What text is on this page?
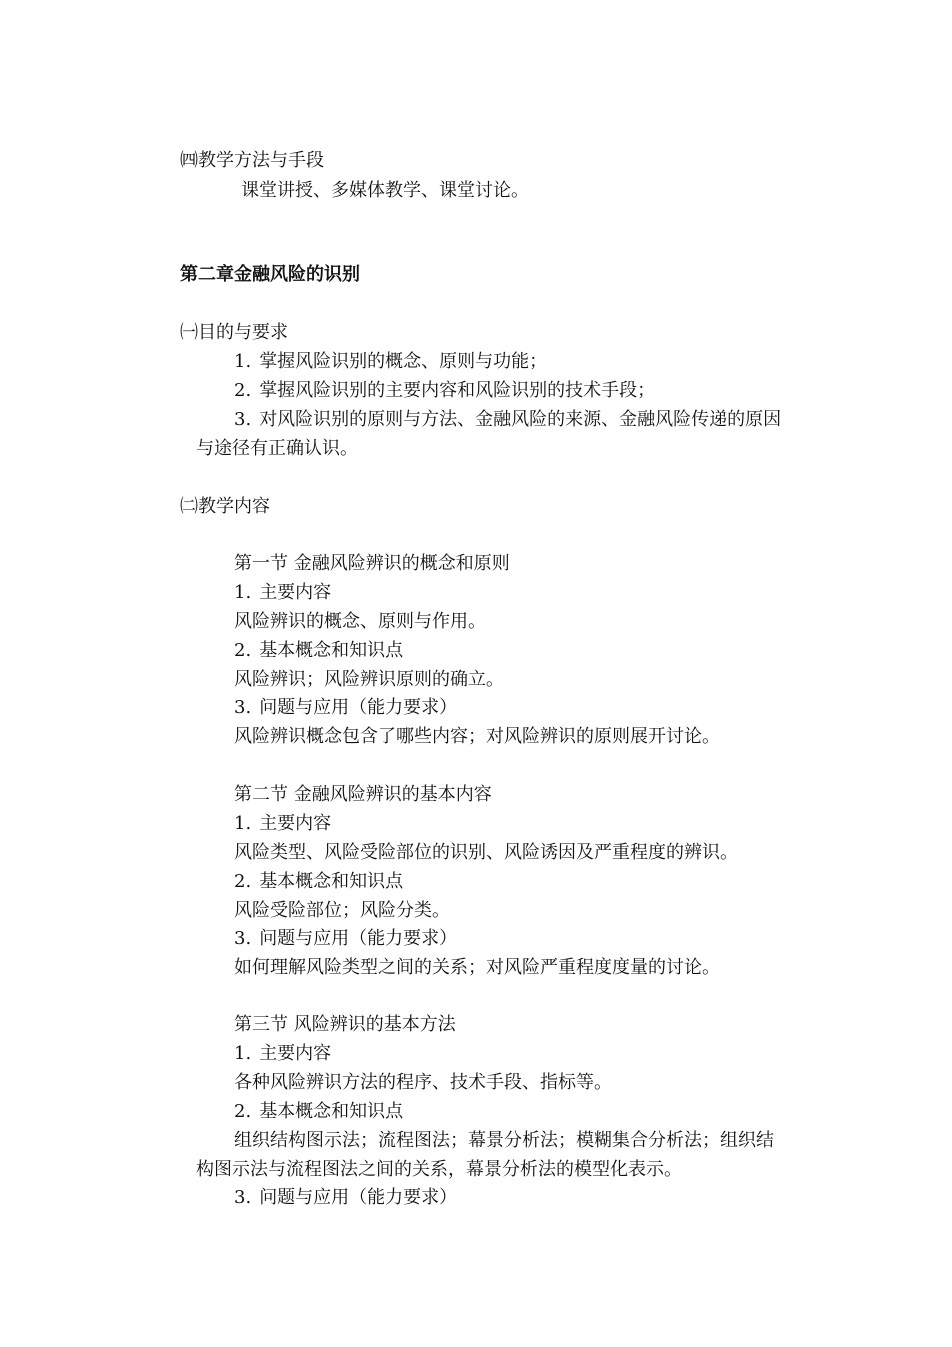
㈣教学方法与手段
课堂讲授、多媒体教学、课堂讨论。
第二章金融风险的识别
㈠目的与要求
1. 掌握风险识别的概念、原则与功能；
2. 掌握风险识别的主要内容和风险识别的技术手段；
3. 对风险识别的原则与方法、金融风险的来源、金融风险传递的原因
与途径有正确认识。
㈡教学内容
第一节 金融风险辨识的概念和原则
1. 主要内容
风险辨识的概念、原则与作用。
2. 基本概念和知识点
风险辨识；风险辨识原则的确立。
3. 问题与应用（能力要求）
风险辨识概念包含了哪些内容；对风险辨识的原则展开讨论。
第二节 金融风险辨识的基本内容
1. 主要内容
风险类型、风险受险部位的识别、风险诱因及严重程度的辨识。
2. 基本概念和知识点
风险受险部位；风险分类。
3. 问题与应用（能力要求）
如何理解风险类型之间的关系；对风险严重程度度量的讨论。
第三节 风险辨识的基本方法
1. 主要内容
各种风险辨识方法的程序、技术手段、指标等。
2. 基本概念和知识点
组织结构图示法；流程图法；幕景分析法；模糊集合分析法；组织结
构图示法与流程图法之间的关系，幕景分析法的模型化表示。
3. 问题与应用（能力要求）
